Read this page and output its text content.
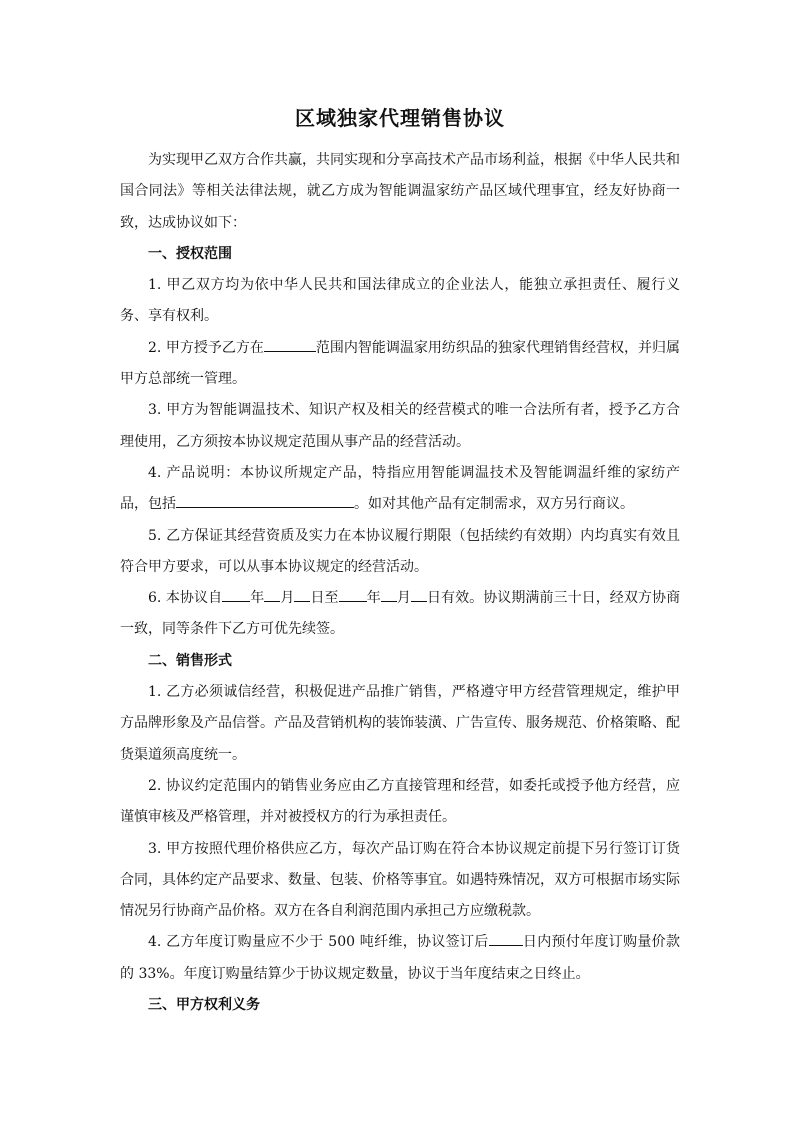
区域独家代理销售协议

为实现甲乙双方合作共赢，共同实现和分享高技术产品市场利益，根据《中华人民共和国合同法》等相关法律法规，就乙方成为智能调温家纺产品区域代理事宜，经友好协商一致，达成协议如下：

一、授权范围

1. 甲乙双方均为依中华人民共和国法律成立的企业法人，能独立承担责任、履行义务、享有权利。

2. 甲方授予乙方在	范围内智能调温家用纺织品的独家代理销售经营权，并归属甲方总部统一管理。

3. 甲方为智能调温技术、知识产权及相关的经营模式的唯一合法所有者，授予乙方合理使用，乙方须按本协议规定范围从事产品的经营活动。

4. 产品说明：本协议所规定产品，特指应用智能调温技术及智能调温纤维的家纺产品，包括	。如对其他产品有定制需求，双方另行商议。

5. 乙方保证其经营资质及实力在本协议履行期限（包括续约有效期）内均真实有效且符合甲方要求，可以从事本协议规定的经营活动。

6. 本协议自 年 月 日至 年 月 日有效。协议期满前三十日，经双方协商一致，同等条件下乙方可优先续签。

二、销售形式

1. 乙方必须诚信经营，积极促进产品推广销售，严格遵守甲方经营管理规定，维护甲方品牌形象及产品信誉。产品及营销机构的装饰装潢、广告宣传、服务规范、价格策略、配货渠道须高度统一。

2. 协议约定范围内的销售业务应由乙方直接管理和经营，如委托或授予他方经营，应谨慎审核及严格管理，并对被授权方的行为承担责任。

3. 甲方按照代理价格供应乙方，每次产品订购在符合本协议规定前提下另行签订订货合同，具体约定产品要求、数量、包装、价格等事宜。如遇特殊情况，双方可根据市场实际情况另行协商产品价格。双方在各自利润范围内承担己方应缴税款。

4. 乙方年度订购量应不少于 500 吨纤维，协议签订后 日内预付年度订购量价款的 33%。年度订购量结算少于协议规定数量，协议于当年度结束之日终止。

三、甲方权利义务
